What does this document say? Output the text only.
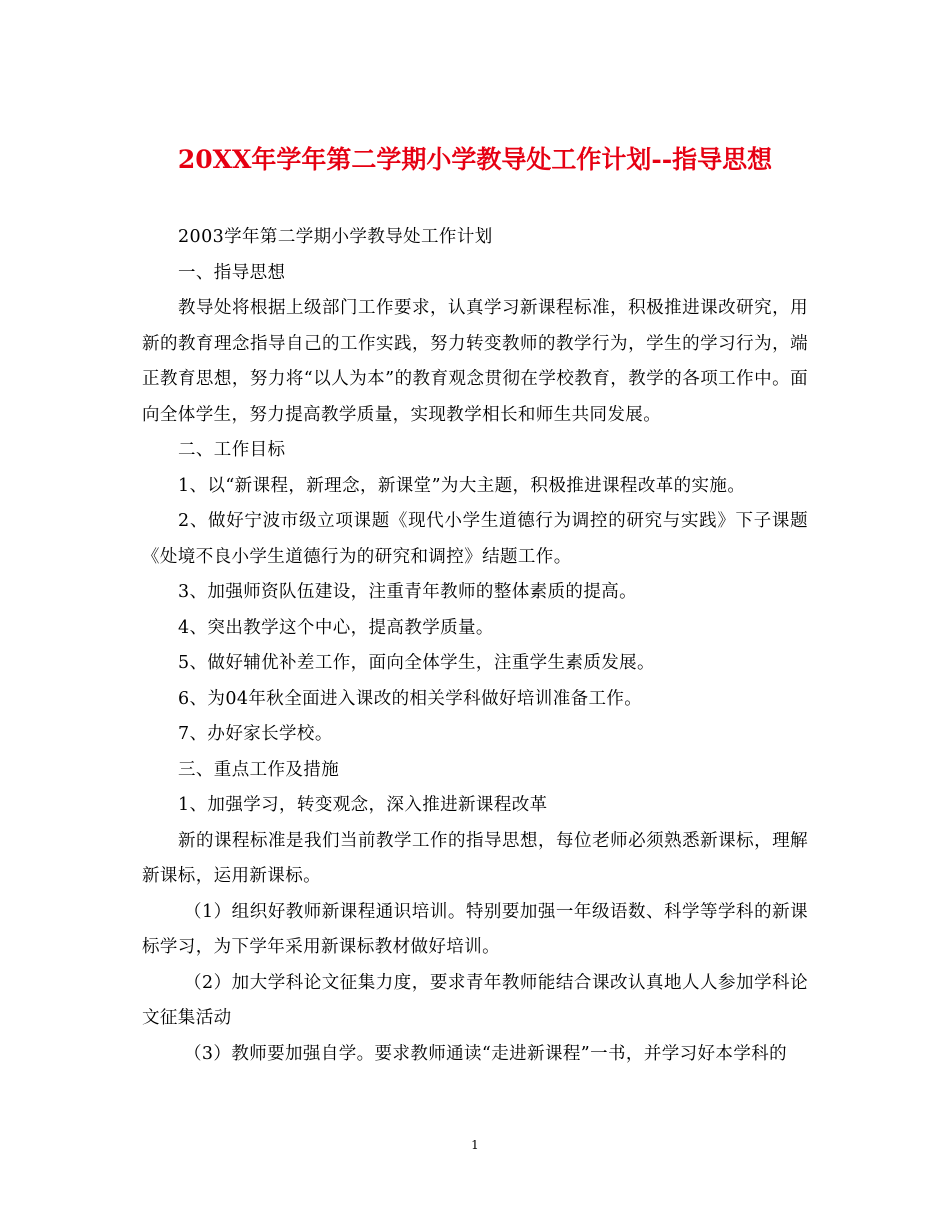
20XX年学年第二学期小学教导处工作计划--指导思想

2003学年第二学期小学教导处工作计划

一、指导思想

教导处将根据上级部门工作要求，认真学习新课程标准，积极推进课改研究，用新的教育理念指导自己的工作实践，努力转变教师的教学行为，学生的学习行为，端正教育思想，努力将“以人为本”的教育观念贯彻在学校教育，教学的各项工作中。面向全体学生，努力提高教学质量，实现教学相长和师生共同发展。

二、工作目标

1、以“新课程，新理念，新课堂”为大主题，积极推进课程改革的实施。

2、做好宁波市级立项课题《现代小学生道德行为调控的研究与实践》下子课题《处境不良小学生道德行为的研究和调控》结题工作。

3、加强师资队伍建设，注重青年教师的整体素质的提高。

4、突出教学这个中心，提高教学质量。

5、做好辅优补差工作，面向全体学生，注重学生素质发展。

6、为04年秋全面进入课改的相关学科做好培训准备工作。

7、办好家长学校。

三、重点工作及措施

1、加强学习，转变观念，深入推进新课程改革

新的课程标准是我们当前教学工作的指导思想，每位老师必须熟悉新课标，理解新课标，运用新课标。

（1）组织好教师新课程通识培训。特别要加强一年级语数、科学等学科的新课标学习，为下学年采用新课标教材做好培训。

（2）加大学科论文征集力度，要求青年教师能结合课改认真地人人参加学科论文征集活动

（3）教师要加强自学。要求教师通读“走进新课程”一书，并学习好本学科的

1
